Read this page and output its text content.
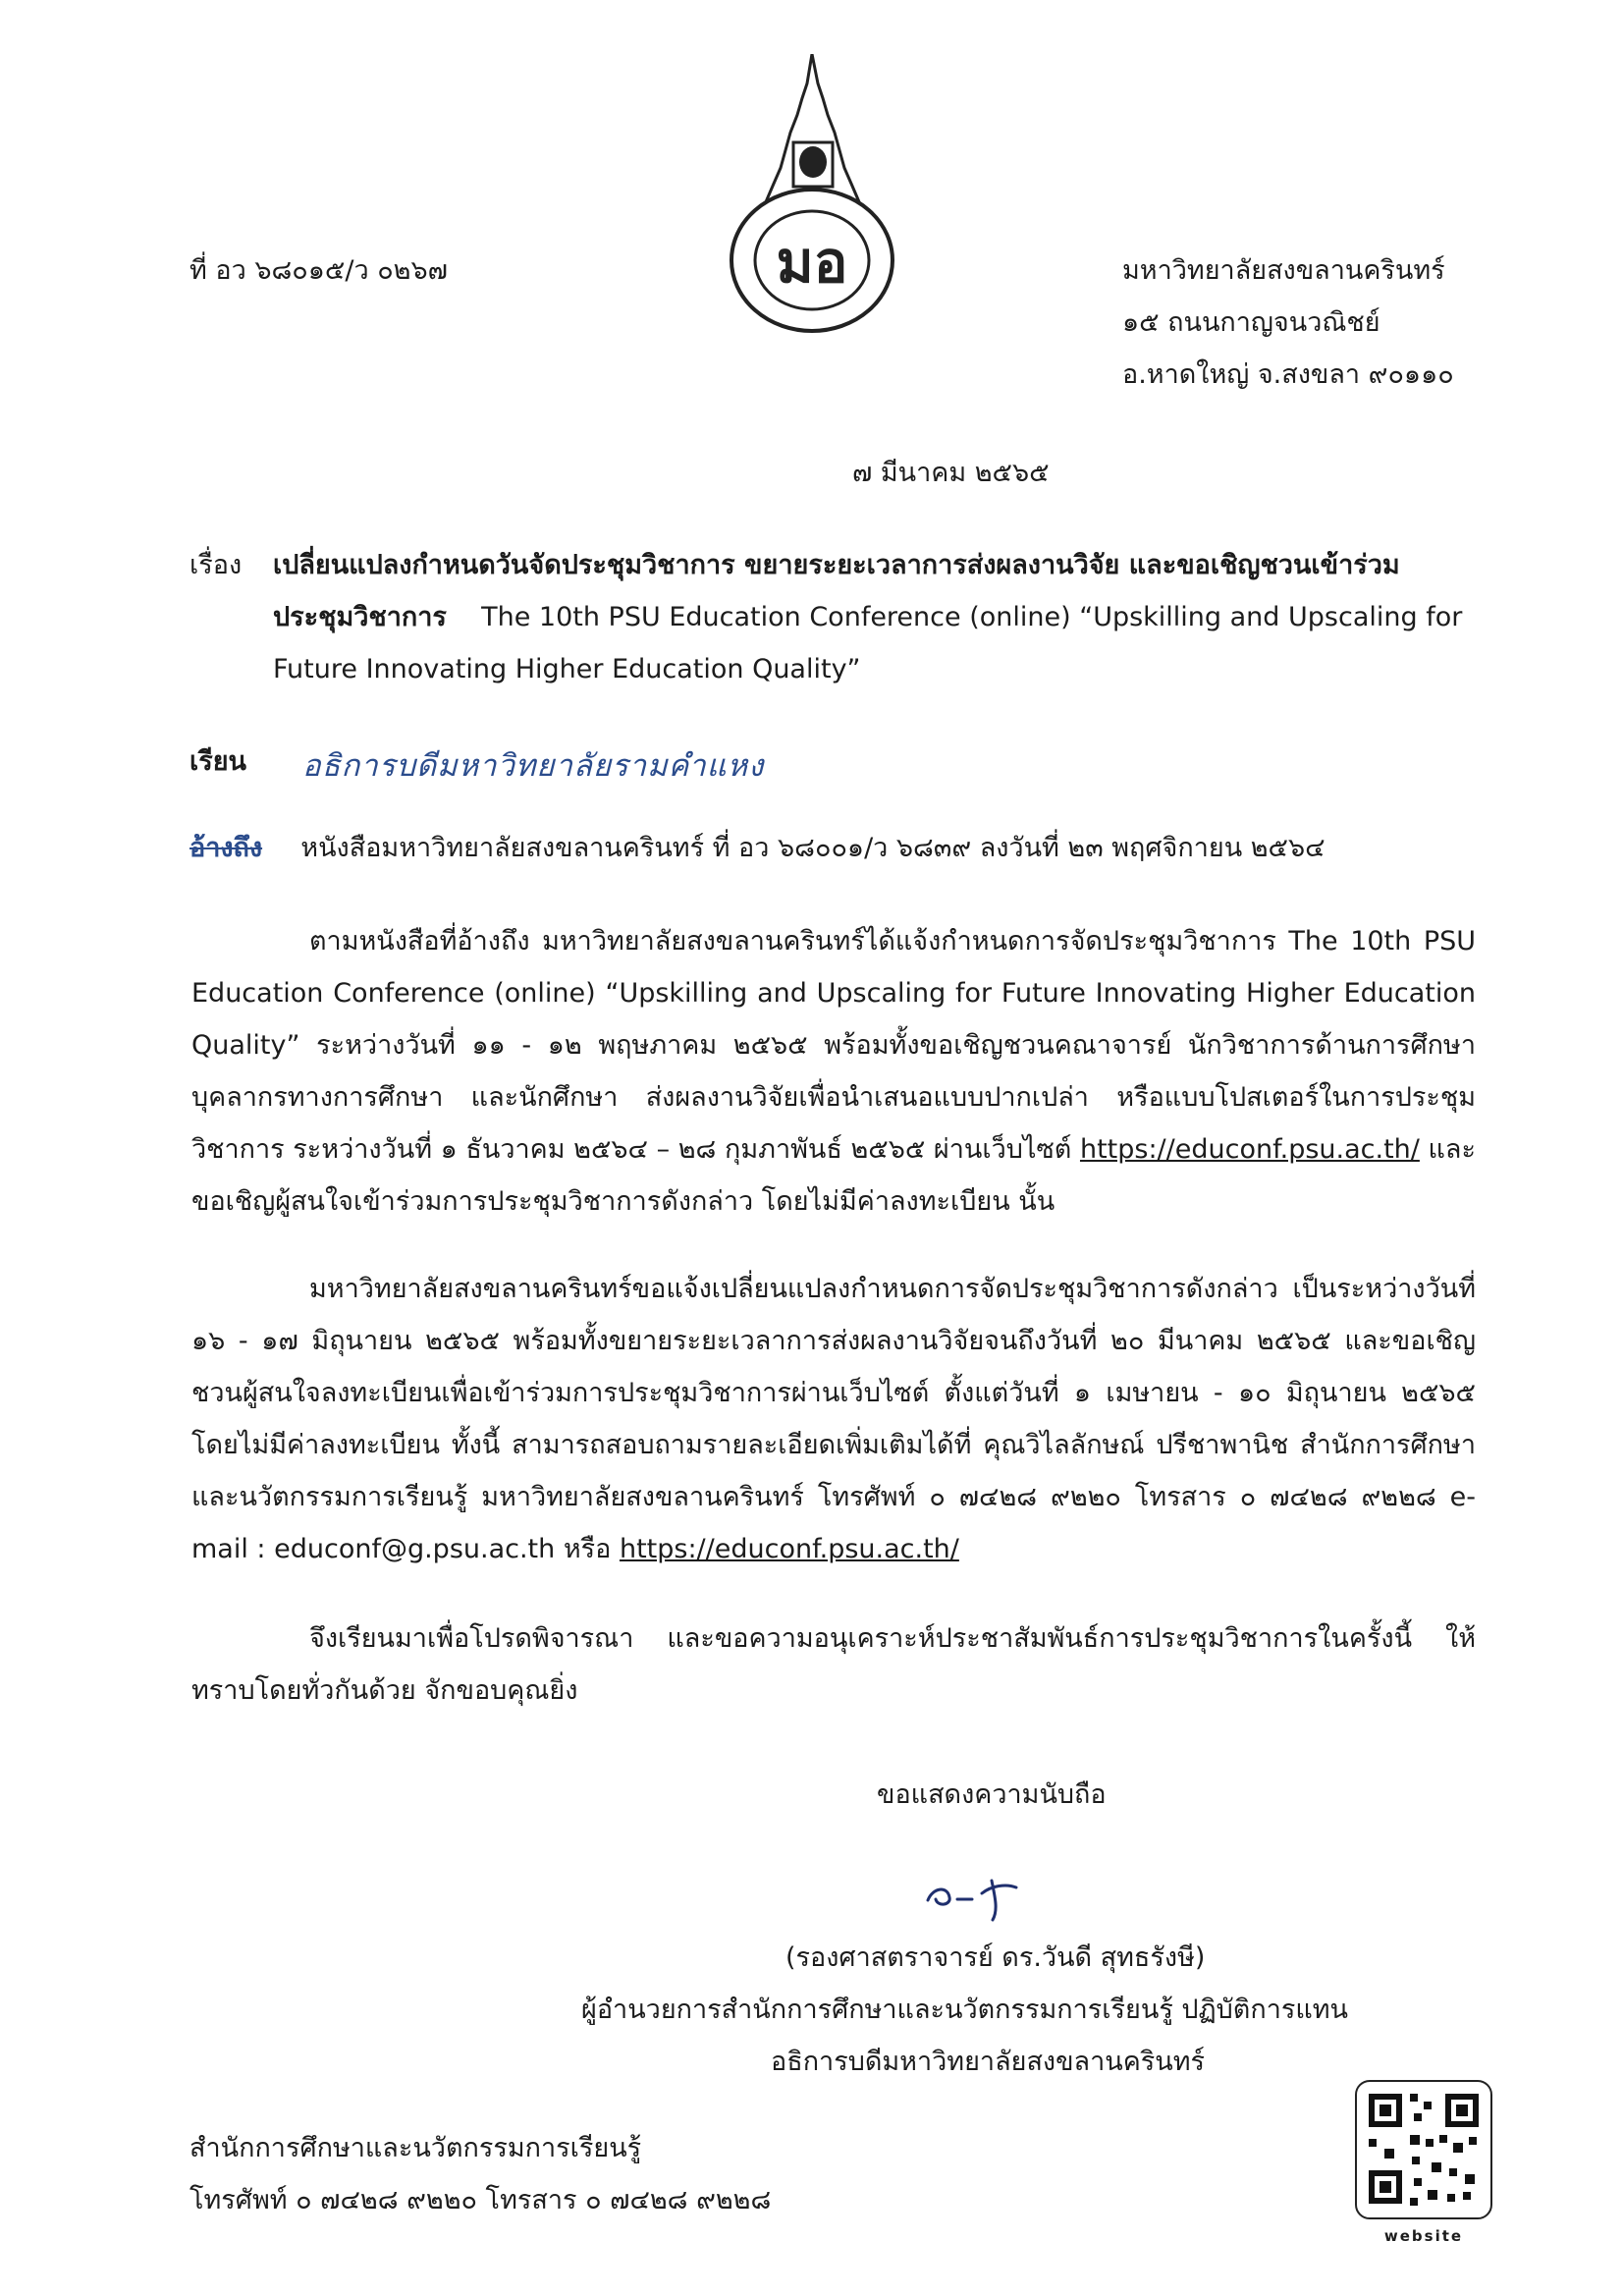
มอ
ที่ อว ๖๘๐๑๕/ว ๐๒๖๗	มหาวิทยาลัยสงขลานครินทร์
๑๕ ถนนกาญจนวณิชย์
อ.หาดใหญ่ จ.สงขลา ๙๐๑๑๐
๗ มีนาคม ๒๕๖๕
เรื่อง เปลี่ยนแปลงกำหนดวันจัดประชุมวิชาการ ขยายระยะเวลาการส่งผลงานวิจัย และขอเชิญชวนเข้าร่วม
ประชุมวิชาการ The 10th PSU Education Conference (online) “Upskilling and Upscaling for
Future Innovating Higher Education Quality”
เรียน อธิการบดีมหาวิทยาลัยรามคำแหง
อ้างถึง หนังสือมหาวิทยาลัยสงขลานครินทร์ ที่ อว ๖๘๐๐๑/ว ๖๘๓๙ ลงวันที่ ๒๓ พฤศจิกายน ๒๕๖๔
ตามหนังสือที่อ้างถึง มหาวิทยาลัยสงขลานครินทร์ได้แจ้งกำหนดการจัดประชุมวิชาการ The 10th PSU Education Conference (online) “Upskilling and Upscaling for Future Innovating Higher Education Quality” ระหว่างวันที่ ๑๑ - ๑๒ พฤษภาคม ๒๕๖๕ พร้อมทั้งขอเชิญชวนคณาจารย์ นักวิชาการด้านการศึกษา บุคลากรทางการศึกษา และนักศึกษา ส่งผลงานวิจัยเพื่อนำเสนอแบบปากเปล่า หรือแบบโปสเตอร์ในการประชุมวิชาการ ระหว่างวันที่ ๑ ธันวาคม ๒๕๖๔ – ๒๘ กุมภาพันธ์ ๒๕๖๕ ผ่านเว็บไซต์ https://educonf.psu.ac.th/ และขอเชิญผู้สนใจเข้าร่วมการประชุมวิชาการดังกล่าว โดยไม่มีค่าลงทะเบียน นั้น
มหาวิทยาลัยสงขลานครินทร์ขอแจ้งเปลี่ยนแปลงกำหนดการจัดประชุมวิชาการดังกล่าว เป็นระหว่างวันที่ ๑๖ - ๑๗ มิถุนายน ๒๕๖๕ พร้อมทั้งขยายระยะเวลาการส่งผลงานวิจัยจนถึงวันที่ ๒๐ มีนาคม ๒๕๖๕ และขอเชิญชวนผู้สนใจลงทะเบียนเพื่อเข้าร่วมการประชุมวิชาการผ่านเว็บไซต์ ตั้งแต่วันที่ ๑ เมษายน - ๑๐ มิถุนายน ๒๕๖๕ โดยไม่มีค่าลงทะเบียน ทั้งนี้ สามารถสอบถามรายละเอียดเพิ่มเติมได้ที่ คุณวิไลลักษณ์ ปรีชาพานิช สำนักการศึกษาและนวัตกรรมการเรียนรู้ มหาวิทยาลัยสงขลานครินทร์ โทรศัพท์ ๐ ๗๔๒๘ ๙๒๒๐ โทรสาร ๐ ๗๔๒๘ ๙๒๒๘ e-mail : educonf@g.psu.ac.th หรือ https://educonf.psu.ac.th/
จึงเรียนมาเพื่อโปรดพิจารณา และขอความอนุเคราะห์ประชาสัมพันธ์การประชุมวิชาการในครั้งนี้ ให้ทราบโดยทั่วกันด้วย จักขอบคุณยิ่ง
ขอแสดงความนับถือ
(รองศาสตราจารย์ ดร.วันดี สุทธรังษี)
ผู้อำนวยการสำนักการศึกษาและนวัตกรรมการเรียนรู้ ปฏิบัติการแทน
อธิการบดีมหาวิทยาลัยสงขลานครินทร์
สำนักการศึกษาและนวัตกรรมการเรียนรู้
โทรศัพท์ ๐ ๗๔๒๘ ๙๒๒๐ โทรสาร ๐ ๗๔๒๘ ๙๒๒๘
website
